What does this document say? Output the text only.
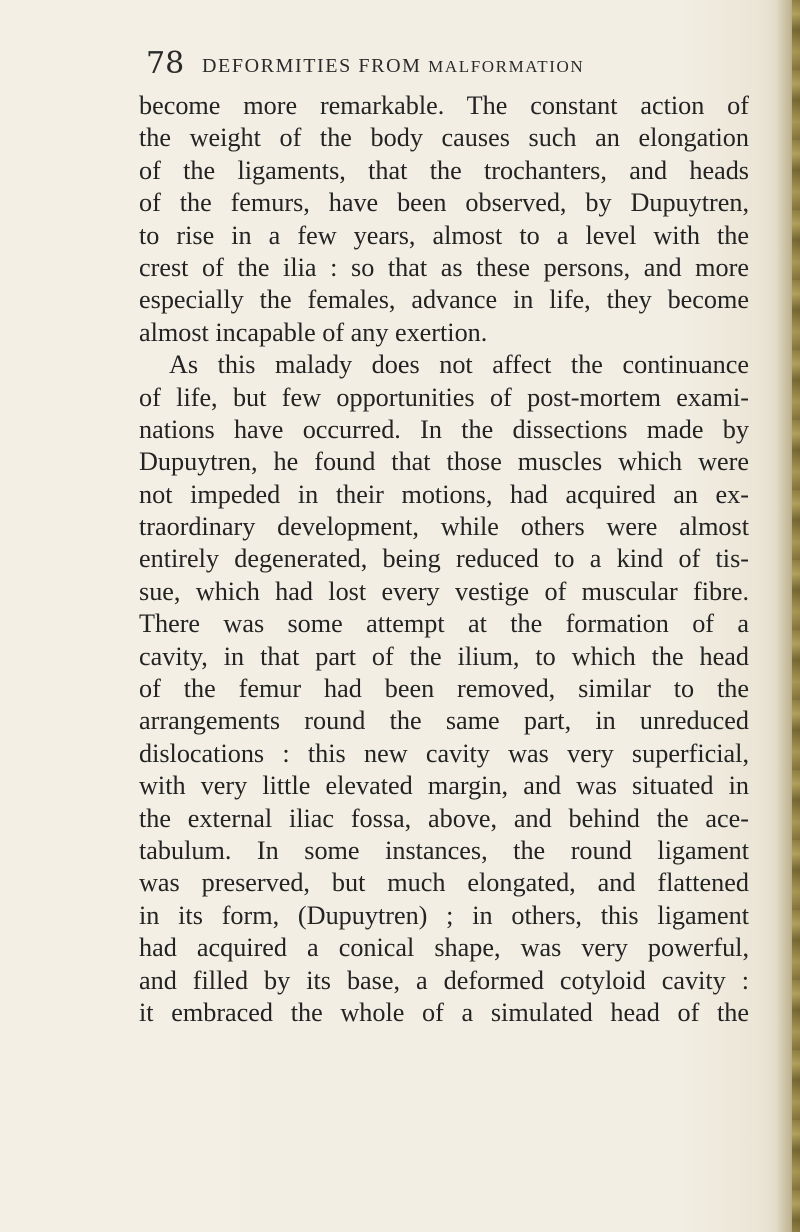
78 DEFORMITIES FROM MALFORMATION
become more remarkable. The constant action of
the weight of the body causes such an elongation
of the ligaments, that the trochanters, and heads
of the femurs, have been observed, by Dupuytren,
to rise in a few years, almost to a level with the
crest of the ilia : so that as these persons, and more
especially the females, advance in life, they become
almost incapable of any exertion.
As this malady does not affect the continuance
of life, but few opportunities of post-mortem exami-
nations have occurred. In the dissections made by
Dupuytren, he found that those muscles which were
not impeded in their motions, had acquired an ex-
traordinary development, while others were almost
entirely degenerated, being reduced to a kind of tis-
sue, which had lost every vestige of muscular fibre.
There was some attempt at the formation of a
cavity, in that part of the ilium, to which the head
of the femur had been removed, similar to the
arrangements round the same part, in unreduced
dislocations : this new cavity was very superficial,
with very little elevated margin, and was situated in
the external iliac fossa, above, and behind the ace-
tabulum. In some instances, the round ligament
was preserved, but much elongated, and flattened
in its form, (Dupuytren) ; in others, this ligament
had acquired a conical shape, was very powerful,
and filled by its base, a deformed cotyloid cavity :
it embraced the whole of a simulated head of the
